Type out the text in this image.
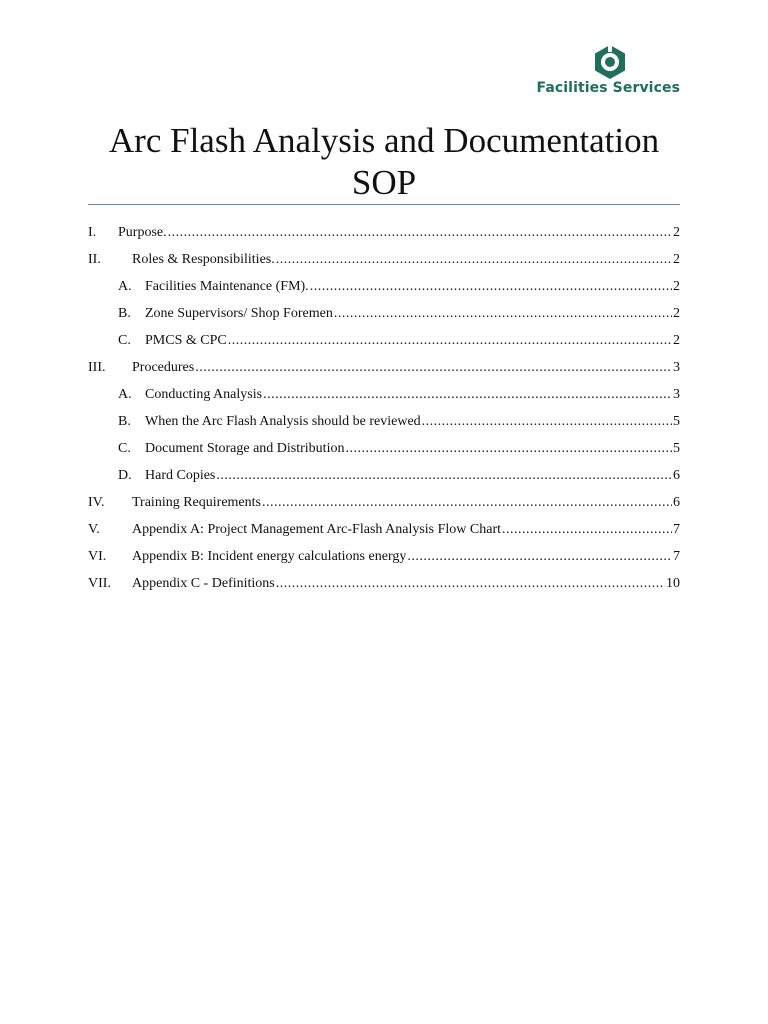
Facilities Services
Arc Flash Analysis and Documentation SOP
I.	Purpose. .....	2
II.	Roles & Responsibilities. .....	2
A. Facilities Maintenance (FM). .....	2
B.	Zone Supervisors/ Shop Foremen .....	2
C.	PMCS & CPC .....	2
III.	Procedures .....	3
A. Conducting Analysis .....	3
B.	When the Arc Flash Analysis should be reviewed .....	5
C.	Document Storage and Distribution .....	5
D. Hard Copies .....	6
IV.	Training Requirements .....	6
V.	Appendix A: Project Management Arc-Flash Analysis Flow Chart .....	7
VI.	Appendix B: Incident energy calculations energy .....	7
VII.	Appendix C - Definitions .....	10
